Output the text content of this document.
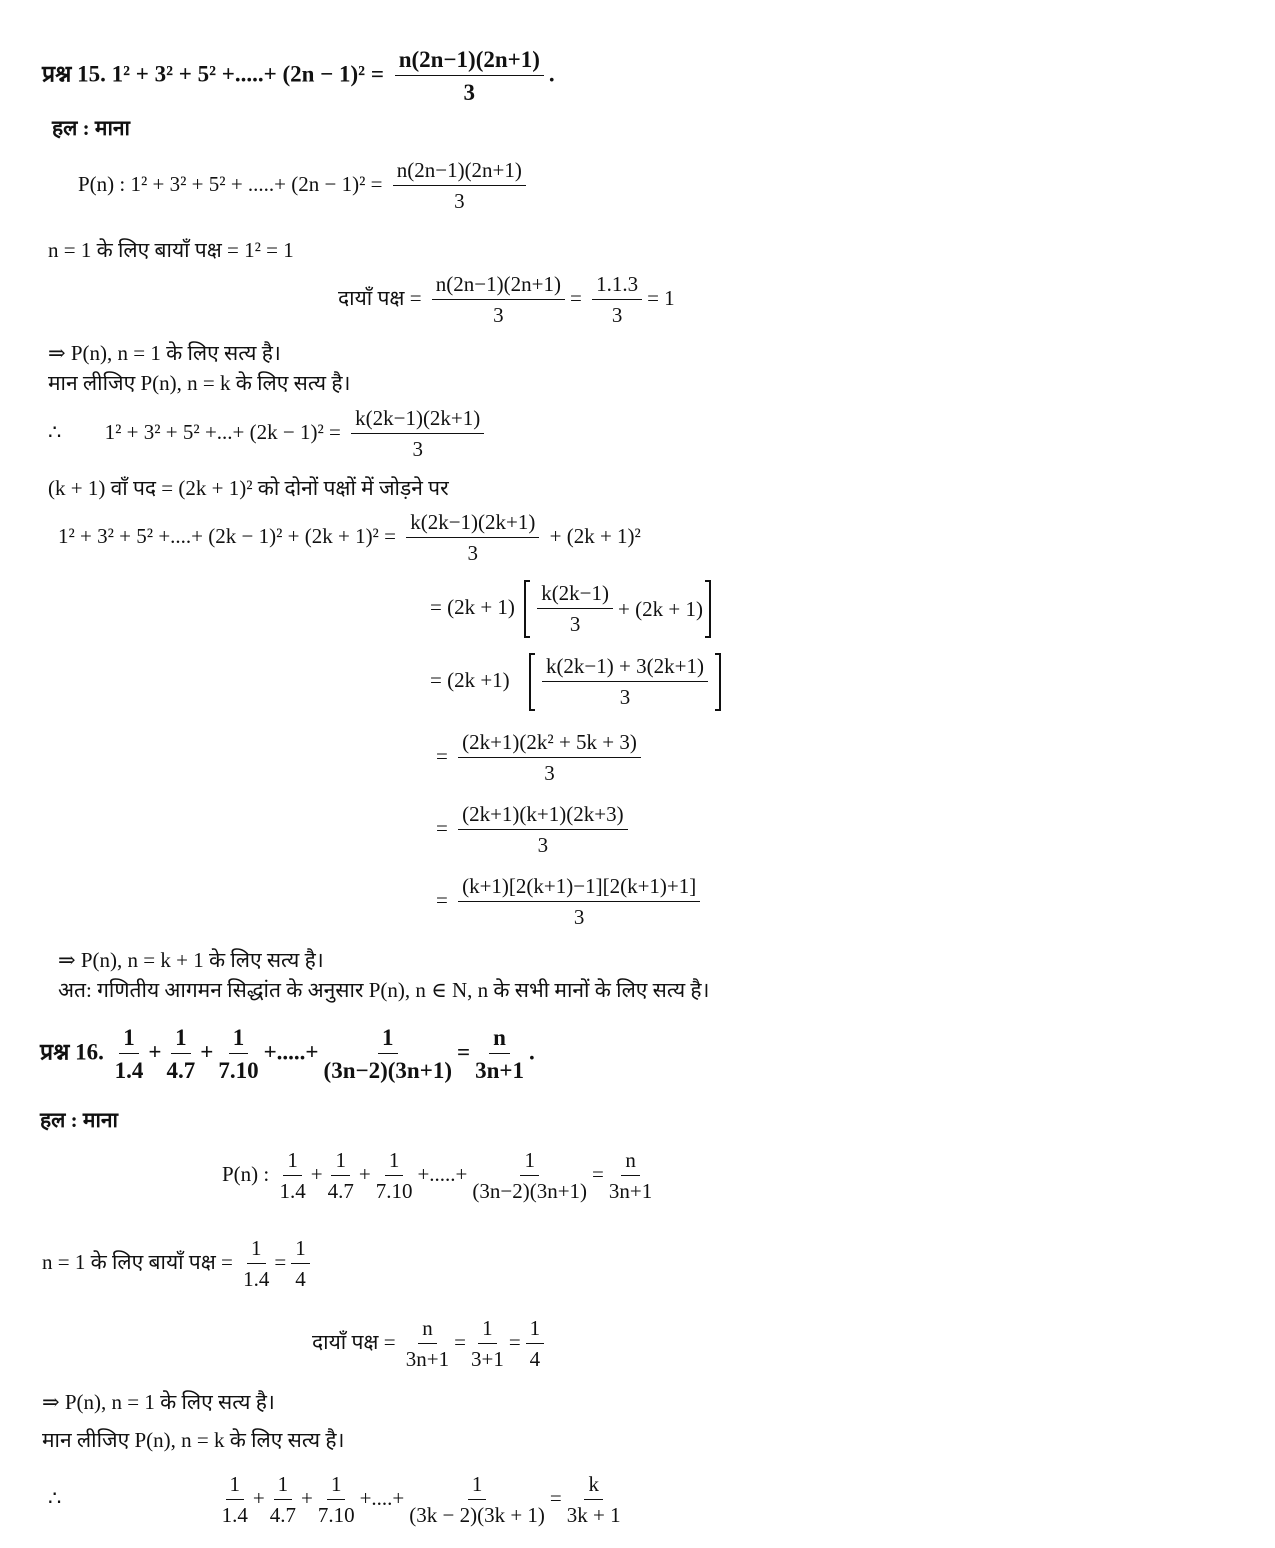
प्रश्न 15. 1² + 3² + 5² +.....+ $(2n - 1)^2 = \frac{n(2n-1)(2n+1)}{3}$ .
हल : माना
P(n) : 1² + 3² + 5² + .....+ $(2n - 1)^2 = \frac{n(2n-1)(2n+1)}{3}$
n = 1 के लिए बायाँ पक्ष = 1² = 1
दायाँ पक्ष = $\frac{n(2n-1)(2n+1)}{3} = \frac{1.1.3}{3} = 1$
⇒ P(n), n = 1 के लिए सत्य है।
मान लीजिए P(n), n = k के लिए सत्य है।
∴ 1² + 3² + 5² +...+ $(2k - 1)^2 = \frac{k(2k-1)(2k+1)}{3}$
(k + 1) वाँ पद = (2k + 1)² को दोनों पक्षों में जोड़ने पर
1² + 3² + 5² +....+ $(2k - 1)^2 + (2k + 1)^2 = \frac{k(2k-1)(2k+1)}{3} + (2k + 1)^2$
= $(2k + 1) \frac{k(2k-1)}{3} + (2k + 1)$
= $(2k +1) \frac{k(2k-1) + 3(2k+1)}{3}$
= $\frac{\text{(2k+1)(2k² + 5k + 3)}}{3}$
= $\frac{(2k+1)(k+1)(2k+3)}{3}$
= $\frac{(k+1)[2(k+1)-1][2(k+1)+1]}{3}$
⇒ P(n), n = k + 1 के लिए सत्य है।
अत: गणितीय आगमन सिद्धांत के अनुसार P(n), n ∈ N, n के सभी मानों के लिए सत्य है।
प्रश्न 16. $\frac{1}{1.4} + \frac{1}{4.7} + \frac{1}{7.10}$ +.....+ $\frac{1}{(3n-2)(3n+1)} = \frac{n}{3n+1}$ .
हल : माना
P(n) : $\frac{1}{1.4} + \frac{1}{4.7} + \frac{1}{7.10}$ +.....+ $\frac{1}{(3n-2)(3n+1)} = \frac{n}{3n+1}$
n = 1 के लिए बायाँ पक्ष = $\frac{1}{1.4} = \frac{1}{4}$
दायाँ पक्ष = $\frac{n}{3n+1} = \frac{1}{3+1} = \frac{1}{4}$
⇒ P(n), n = 1 के लिए सत्य है।
मान लीजिए P(n), n = k के लिए सत्य है।
∴	$\frac{1}{1.4} + \frac{1}{4.7} + \frac{1}{7.10}$ +....+ $\frac{1}{(3k - 2)(3k + 1)} = \frac{k}{3k + 1}$
